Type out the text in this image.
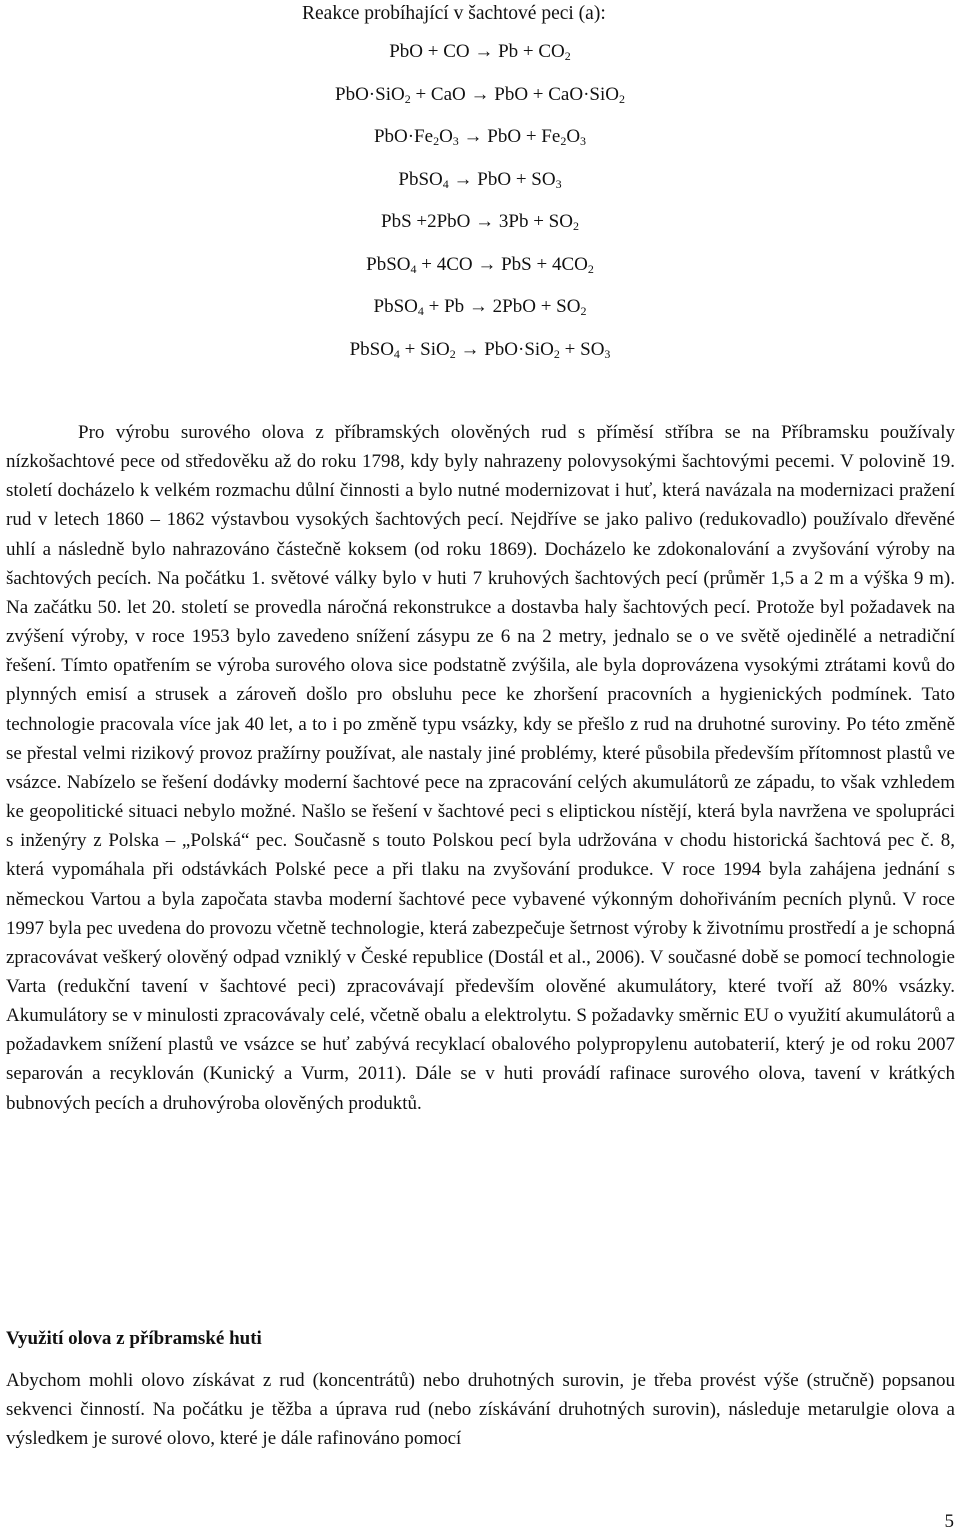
Reakce probíhající v šachtové peci (a):
PbO + CO → $Pb + CO_2$
PbO·SiO$_2$ + CaO → PbO + CaO·SiO$_2$
$PbO\cdot Fe_2O_3$ → PbO + $Fe_2O_3$
PbSO$_4$ → PbO + $SO_3$
PbS $+2PbO \to 3Pb + SO_2$
PbSO$_4$ + 4CO → PbS + $4CO_2$
PbSO$_4$ + $Pb \to 2PbO + SO_2$
PbSO$_4$ + $SiO_2 \to PbO\cdot SiO_2 + SO_3$

Pro výrobu surového olova z příbramských olověných rud s příměsí stříbra se na Příbramsku používaly nízkošachtové pece od středověku až do roku 1798, kdy byly nahrazeny polovysokými šachtovými pecemi. V polovině 19. století docházelo k velkém rozmachu důlní činnosti a bylo nutné modernizovat i huť, která navázala na modernizaci pražení rud v letech 1860 – 1862 výstavbou vysokých šachtových pecí. Nejdříve se jako palivo (redukovadlo) používalo dřevěné uhlí a následně bylo nahrazováno částečně koksem (od roku 1869). Docházelo ke zdokonalování a zvyšování výroby na šachtových pecích. Na počátku 1. světové války bylo v huti 7 kruhových šachtových pecí (průměr 1,5 a 2 m a výška 9 m). Na začátku 50. let 20. století se provedla náročná rekonstrukce a dostavba haly šachtových pecí. Protože byl požadavek na zvýšení výroby, v roce 1953 bylo zavedeno snížení zásypu ze 6 na 2 metry, jednalo se o ve světě ojedinělé a netradiční řešení. Tímto opatřením se výroba surového olova sice podstatně zvýšila, ale byla doprovázena vysokými ztrátami kovů do plynných emisí a strusek a zároveň došlo pro obsluhu pece ke zhoršení pracovních a hygienických podmínek. Tato technologie pracovala více jak 40 let, a to i po změně typu vsázky, kdy se přešlo z rud na druhotné suroviny. Po této změně se přestal velmi rizikový provoz pražírny používat, ale nastaly jiné problémy, které působila především přítomnost plastů ve vsázce. Nabízelo se řešení dodávky moderní šachtové pece na zpracování celých akumulátorů ze západu, to však vzhledem ke geopolitické situaci nebylo možné. Našlo se řešení v šachtové peci s eliptickou nístějí, která byla navržena ve spolupráci s inženýry z Polska – „Polská“ pec. Současně s touto Polskou pecí byla udržována v chodu historická šachtová pec č. 8, která vypomáhala při odstávkách Polské pece a při tlaku na zvyšování produkce. V roce 1994 byla zahájena jednání s německou Vartou a byla započata stavba moderní šachtové pece vybavené výkonným dohořiváním pecních plynů. V roce 1997 byla pec uvedena do provozu včetně technologie, která zabezpečuje šetrnost výroby k životnímu prostředí a je schopná zpracovávat veškerý olověný odpad vzniklý v České republice (Dostál et al., 2006). V současné době se pomocí technologie Varta (redukční tavení v šachtové peci) zpracovávají především olověné akumulátory, které tvoří až 80% vsázky. Akumulátory se v minulosti zpracovávaly celé, včetně obalu a elektrolytu. S požadavky směrnic EU o využití akumulátorů a požadavkem snížení plastů ve vsázce se huť zabývá recyklací obalového polypropylenu autobaterií, který je od roku 2007 separován a recyklován (Kunický a Vurm, 2011). Dále se v huti provádí rafinace surového olova, tavení v krátkých bubnových pecích a druhovýroba olověných produktů.

Využití olova z příbramské huti

Abychom mohli olovo získávat z rud (koncentrátů) nebo druhotných surovin, je třeba provést výše (stručně) popsanou sekvenci činností. Na počátku je těžba a úprava rud (nebo získávání druhotných surovin), následuje metarulgie olova a výsledkem je surové olovo, které je dále rafinováno pomocí

5
